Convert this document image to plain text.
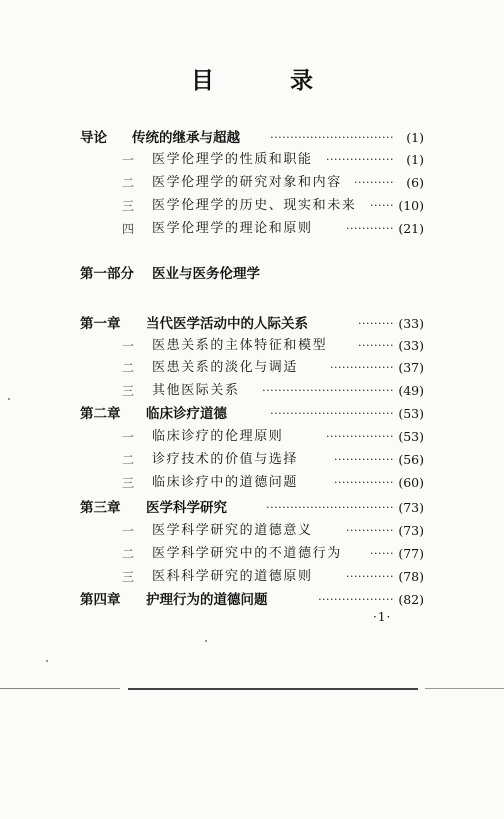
目 录
导论 传统的继承与超越	······························· (1)
一 医学伦理学的性质和职能 ················· (1)
二 医学伦理学的研究对象和内容 ·········· (6)
三 医学伦理学的历史、现实和未来 ······ (10)
四 医学伦理学的理论和原则	············ (21)
第一部分 医业与医务伦理学
第一章 当代医学活动中的人际关系	········· (33)
一 医患关系的主体特征和模型	········· (33)
二 医患关系的淡化与调适	················ (37)
三 其他医际关系 ································· (49)
第二章 临床诊疗道德	······························· (53)
一 临床诊疗的伦理原则	················· (53)
二 诊疗技术的价值与选择	··············· (56)
三 临床诊疗中的道德问题	··············· (60)
第三章 医学科学研究	································ (73)
一 医学科学研究的道德意义	············ (73)
二 医学科学研究中的不道德行为	······ (77)
三 医科科学研究的道德原则	············ (78)
第四章 护理行为的道德问题	··················· (82)
·1·
